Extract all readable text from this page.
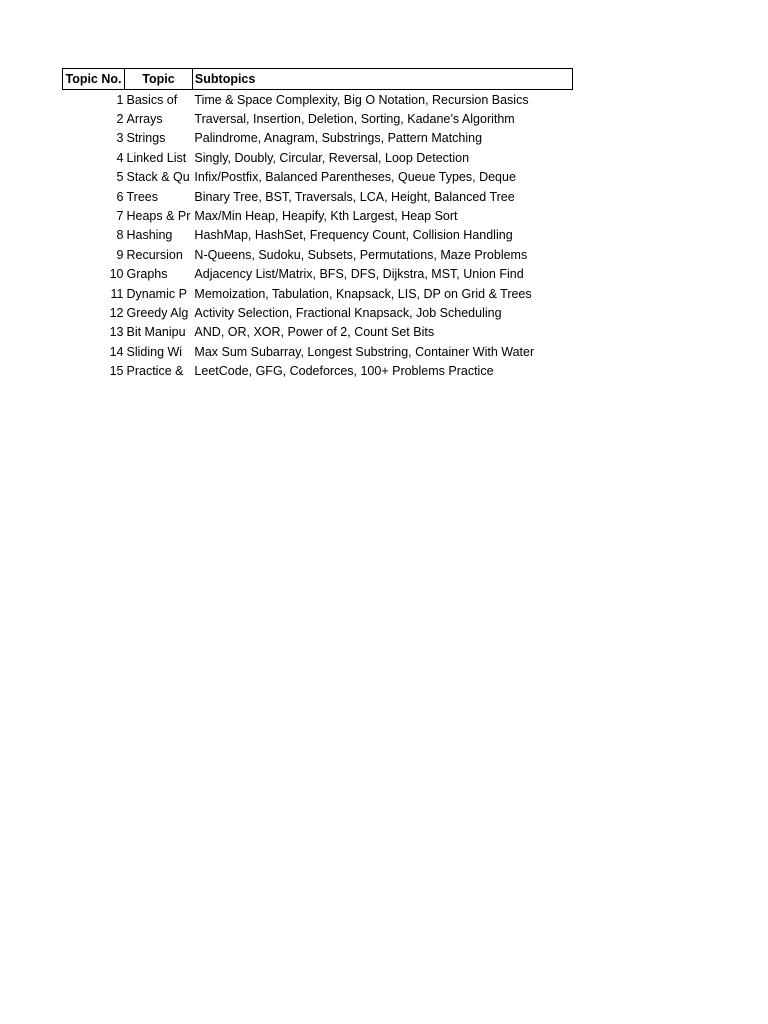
Topic No.	Topic	Subtopics
1	Basics of	Time & Space Complexity, Big O Notation, Recursion Basics
2	Arrays	Traversal, Insertion, Deletion, Sorting, Kadane’s Algorithm
3	Strings	Palindrome, Anagram, Substrings, Pattern Matching
4	Linked List	Singly, Doubly, Circular, Reversal, Loop Detection
5	Stack & Qu	Infix/Postfix, Balanced Parentheses, Queue Types, Deque
6	Trees	Binary Tree, BST, Traversals, LCA, Height, Balanced Tree
7	Heaps & Pr	Max/Min Heap, Heapify, Kth Largest, Heap Sort
8	Hashing	HashMap, HashSet, Frequency Count, Collision Handling
9	Recursion	N-Queens, Sudoku, Subsets, Permutations, Maze Problems
10	Graphs	Adjacency List/Matrix, BFS, DFS, Dijkstra, MST, Union Find
11	Dynamic P	Memoization, Tabulation, Knapsack, LIS, DP on Grid & Trees
12	Greedy Alg	Activity Selection, Fractional Knapsack, Job Scheduling
13	Bit Manipu	AND, OR, XOR, Power of 2, Count Set Bits
14	Sliding Wi	Max Sum Subarray, Longest Substring, Container With Water
15	Practice &	LeetCode, GFG, Codeforces, 100+ Problems Practice
